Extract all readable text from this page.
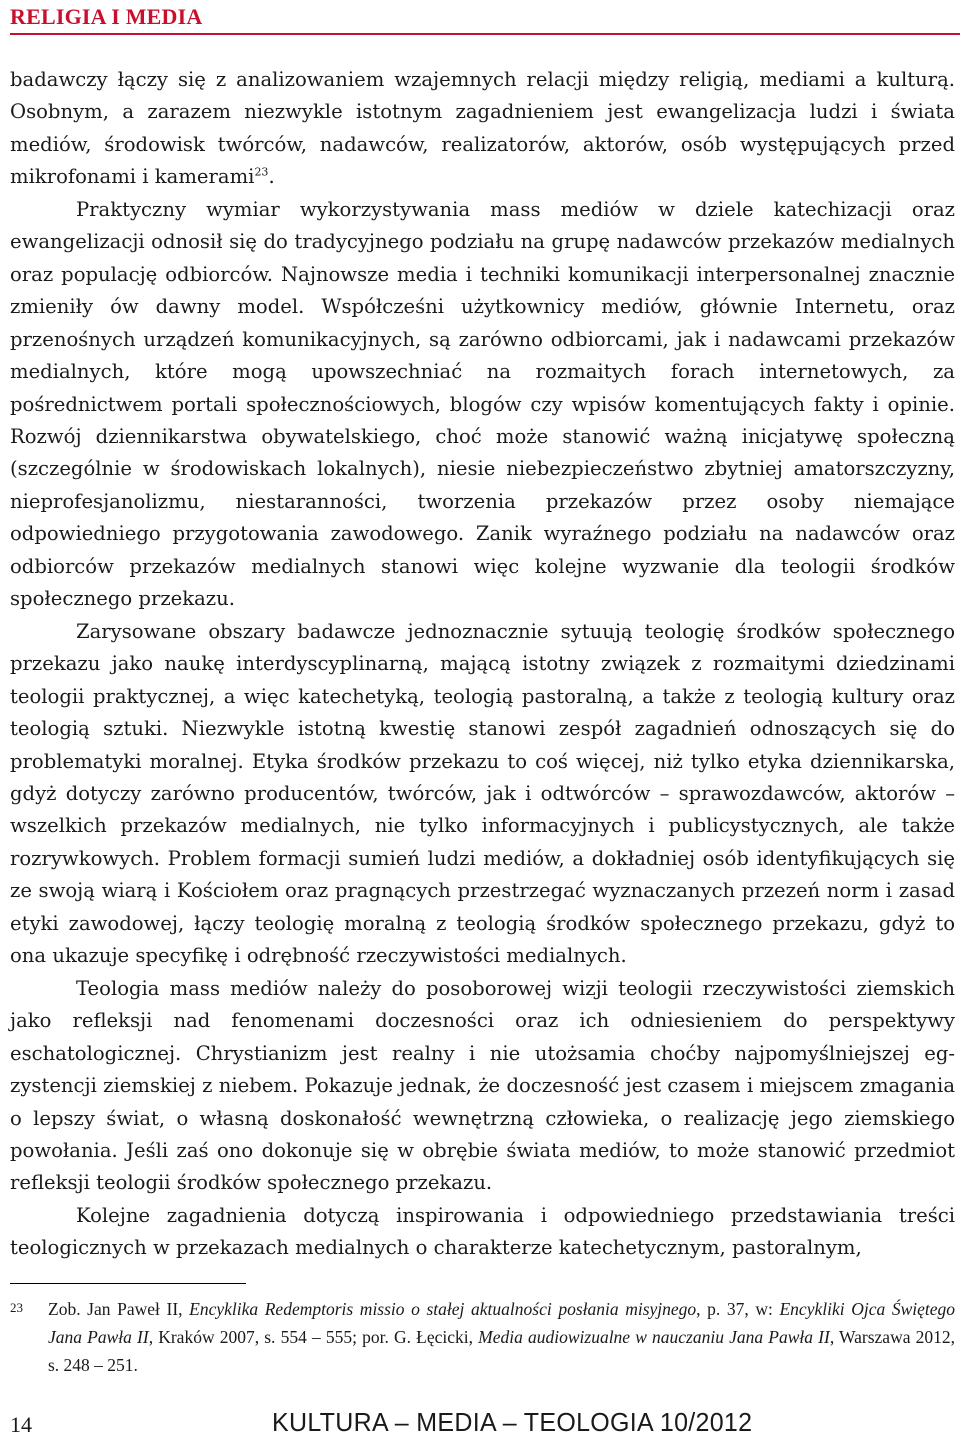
RELIGIA I MEDIA

badawczy łączy się z analizowaniem wzajemnych relacji między religią, mediami a kulturą. Osobnym, a zarazem niezwykle istotnym zagadnieniem jest ewangelizacja ludzi i świata mediów, środowisk twórców, nadawców, realizatorów, aktorów, osób występujących przed mikrofonami i kamerami$^{23}$.

Praktyczny wymiar wykorzystywania mass mediów w dziele katechizacji oraz ewangelizacji odnosił się do tradycyjnego podziału na grupę nadawców przekazów medialnych oraz populację odbiorców. Najnowsze media i techniki komunikacji interpersonalnej znacznie zmieniły ów dawny model. Współcześni użytkownicy mediów, głównie Internetu, oraz przenośnych urządzeń komunikacyjnych, są zarówno odbiorcami, jak i nadawcami przekazów medialnych, które mogą upowszechniać na rozmaitych forach internetowych, za pośrednictwem portali społecznościowych, blogów czy wpisów komentujących fakty i opinie. Rozwój dziennikarstwa obywatelskiego, choć może stanowić ważną inicjatywę społeczną (szczególnie w środowiskach lokalnych), niesie niebezpieczeństwo zbytniej amatorszczyzny, nieprofesjanolizmu, niestaranności, tworzenia przekazów przez osoby niemające odpowiedniego przygotowania zawodowego. Zanik wyraźnego podziału na nadawców oraz odbiorców przekazów medialnych stanowi więc kolejne wyzwanie dla teologii środków społecznego przekazu.

Zarysowane obszary badawcze jednoznacznie sytuują teologię środków społecznego przekazu jako naukę interdyscyplinarną, mającą istotny związek z rozmaitymi dziedzinami teologii praktycznej, a więc katechetyką, teologią pastoralną, a także z teologią kultury oraz teologią sztuki. Niezwykle istotną kwestię stanowi zespół zagadnień odnoszących się do problematyki moralnej. Etyka środków przekazu to coś więcej, niż tylko etyka dziennikarska, gdyż dotyczy zarówno producentów, twórców, jak i odtwórców – sprawozdawców, aktorów – wszelkich przekazów medialnych, nie tylko informacyjnych i publicystycznych, ale także rozrywkowych. Problem formacji sumień ludzi mediów, a dokładniej osób identyfikujących się ze swoją wiarą i Kościołem oraz pragnących przestrzegać wyznaczanych przezeń norm i zasad etyki zawodowej, łączy teologię moralną z teologią środków społecznego przekazu, gdyż to ona ukazuje specyfikę i odrębność rzeczywistości medialnych.

Teologia mass mediów należy do posoborowej wizji teologii rzeczywistości ziemskich jako refleksji nad fenomenami doczesności oraz ich odniesieniem do perspektywy eschatologicznej. Chrystianizm jest realny i nie utożsamia choćby najpomyślniejszej egzystencji ziemskiej z niebem. Pokazuje jednak, że doczesność jest czasem i miejscem zmagania o lepszy świat, o własną doskonałość wewnętrzną człowieka, o realizację jego ziemskiego powołania. Jeśli zaś ono dokonuje się w obrębie świata mediów, to może stanowić przedmiot refleksji teologii środków społecznego przekazu.

Kolejne zagadnienia dotyczą inspirowania i odpowiedniego przedstawiania treści teologicznych w przekazach medialnych o charakterze katechetycznym, pastoralnym,

23 Zob. Jan Paweł II, Encyklika Redemptoris missio o stałej aktualności posłania misyjnego, p. 37, w: Encykliki Ojca Świętego Jana Pawła II, Kraków 2007, s. 554 – 555; por. G. Łęcicki, Media audiowizualne w nauczaniu Jana Pawła II, Warszawa 2012, s. 248 – 251.
14	KULTURA – MEDIA – TEOLOGIA 10/2012
